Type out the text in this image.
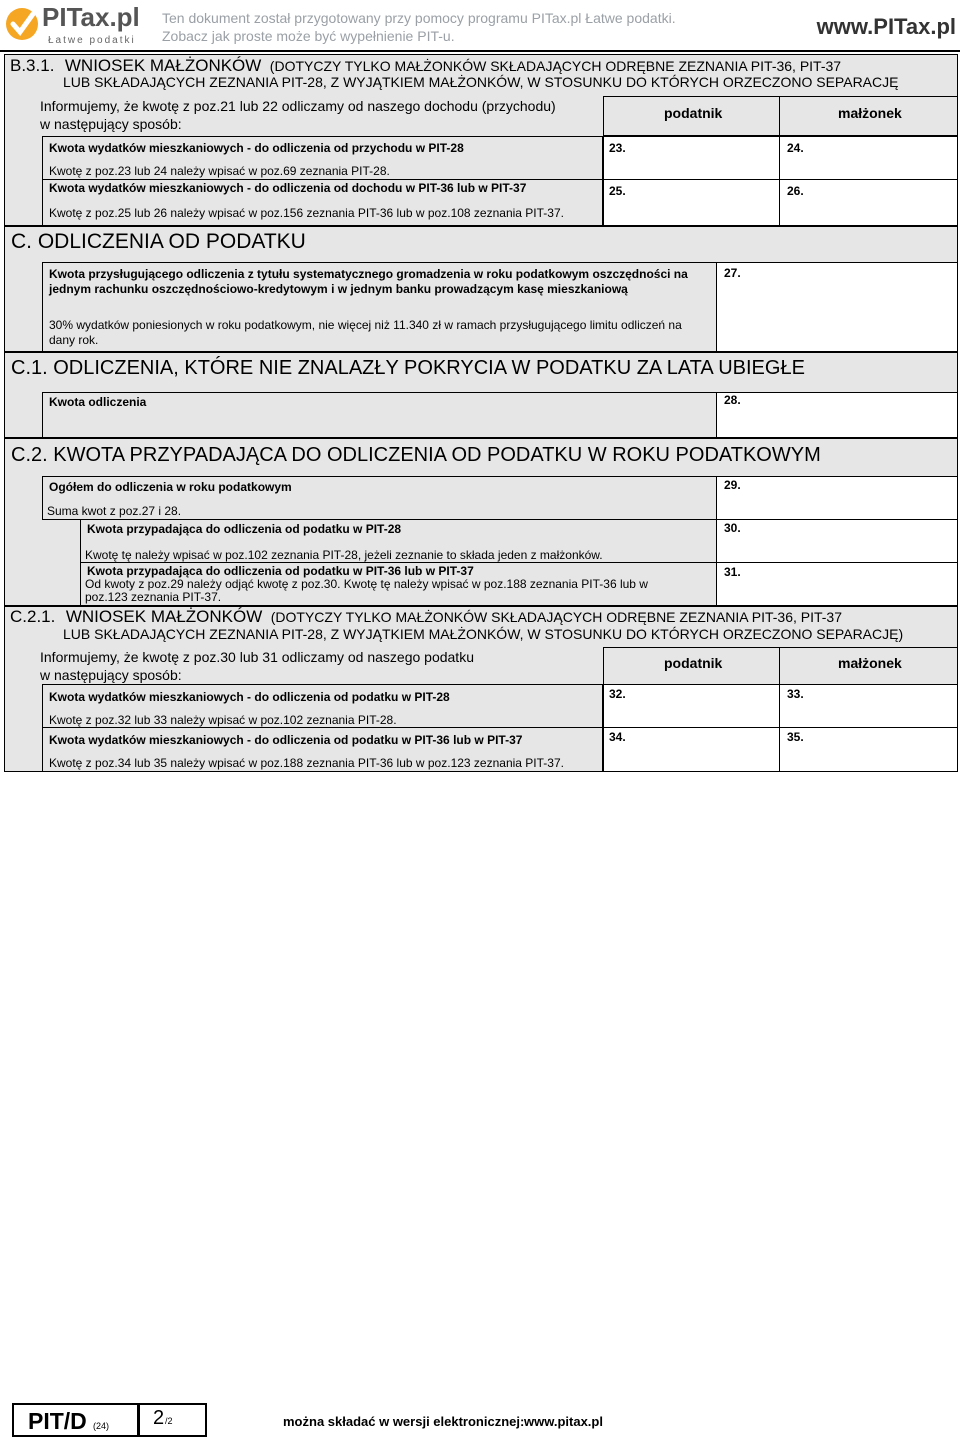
PITax.pl
Łatwe podatki
Ten dokument został przygotowany przy pomocy programu PITax.pl Łatwe podatki.
Zobacz jak proste może być wypełnienie PIT-u.	www.PITax.pl
B.3.1. WNIOSEK MAŁŻONKÓW (DOTYCZY TYLKO MAŁŻONKÓW SKŁADAJĄCYCH ODRĘBNE ZEZNANIA PIT-36, PIT-37
LUB SKŁADAJĄCYCH ZEZNANIA PIT-28, Z WYJĄTKIEM MAŁŻONKÓW, W STOSUNKU DO KTÓRYCH ORZECZONO SEPARACJĘ
Informujemy, że kwotę z poz.21 lub 22 odliczamy od naszego dochodu (przychodu)
w następujący sposób:
podatnik	małżonek
Kwota wydatków mieszkaniowych - do odliczenia od przychodu w PIT-28
Kwotę z poz.23 lub 24 należy wpisać w poz.69 zeznania PIT-28.
23.	24.
Kwota wydatków mieszkaniowych - do odliczenia od dochodu w PIT-36 lub w PIT-37
Kwotę z poz.25 lub 26 należy wpisać w poz.156 zeznania PIT-36 lub w poz.108 zeznania PIT-37.
25.	26.
C. ODLICZENIA OD PODATKU
Kwota przysługującego odliczenia z tytułu systematycznego gromadzenia w roku podatkowym oszczędności na
jednym rachunku oszczędnościowo-kredytowym i w jednym banku prowadzącym kasę mieszkaniową
30% wydatków poniesionych w roku podatkowym, nie więcej niż 11.340 zł w ramach przysługującego limitu odliczeń na
dany rok.
27.
C.1. ODLICZENIA, KTÓRE NIE ZNALAZŁY POKRYCIA W PODATKU ZA LATA UBIEGŁE
Kwota odliczenia	28.
C.2. KWOTA PRZYPADAJĄCA DO ODLICZENIA OD PODATKU W ROKU PODATKOWYM
Ogółem do odliczenia w roku podatkowym
Suma kwot z poz.27 i 28.
29.
Kwota przypadająca do odliczenia od podatku w PIT-28
Kwotę tę należy wpisać w poz.102 zeznania PIT-28, jeżeli zeznanie to składa jeden z małżonków.
30.
Kwota przypadająca do odliczenia od podatku w PIT-36 lub w PIT-37
Od kwoty z poz.29 należy odjąć kwotę z poz.30. Kwotę tę należy wpisać w poz.188 zeznania PIT-36 lub w
poz.123 zeznania PIT-37.
31.
C.2.1. WNIOSEK MAŁŻONKÓW (DOTYCZY TYLKO MAŁŻONKÓW SKŁADAJĄCYCH ODRĘBNE ZEZNANIA PIT-36, PIT-37
LUB SKŁADAJĄCYCH ZEZNANIA PIT-28, Z WYJĄTKIEM MAŁŻONKÓW, W STOSUNKU DO KTÓRYCH ORZECZONO SEPARACJĘ)
Informujemy, że kwotę z poz.30 lub 31 odliczamy od naszego podatku
w następujący sposób:
podatnik	małżonek
Kwota wydatków mieszkaniowych - do odliczenia od podatku w PIT-28
Kwotę z poz.32 lub 33 należy wpisać w poz.102 zeznania PIT-28.
32.	33.
Kwota wydatków mieszkaniowych - do odliczenia od podatku w PIT-36 lub w PIT-37
Kwotę z poz.34 lub 35 należy wpisać w poz.188 zeznania PIT-36 lub w poz.123 zeznania PIT-37.
34.	35.
PIT/D (24) 2 /2	można składać w wersji elektronicznej: www.pitax.pl
